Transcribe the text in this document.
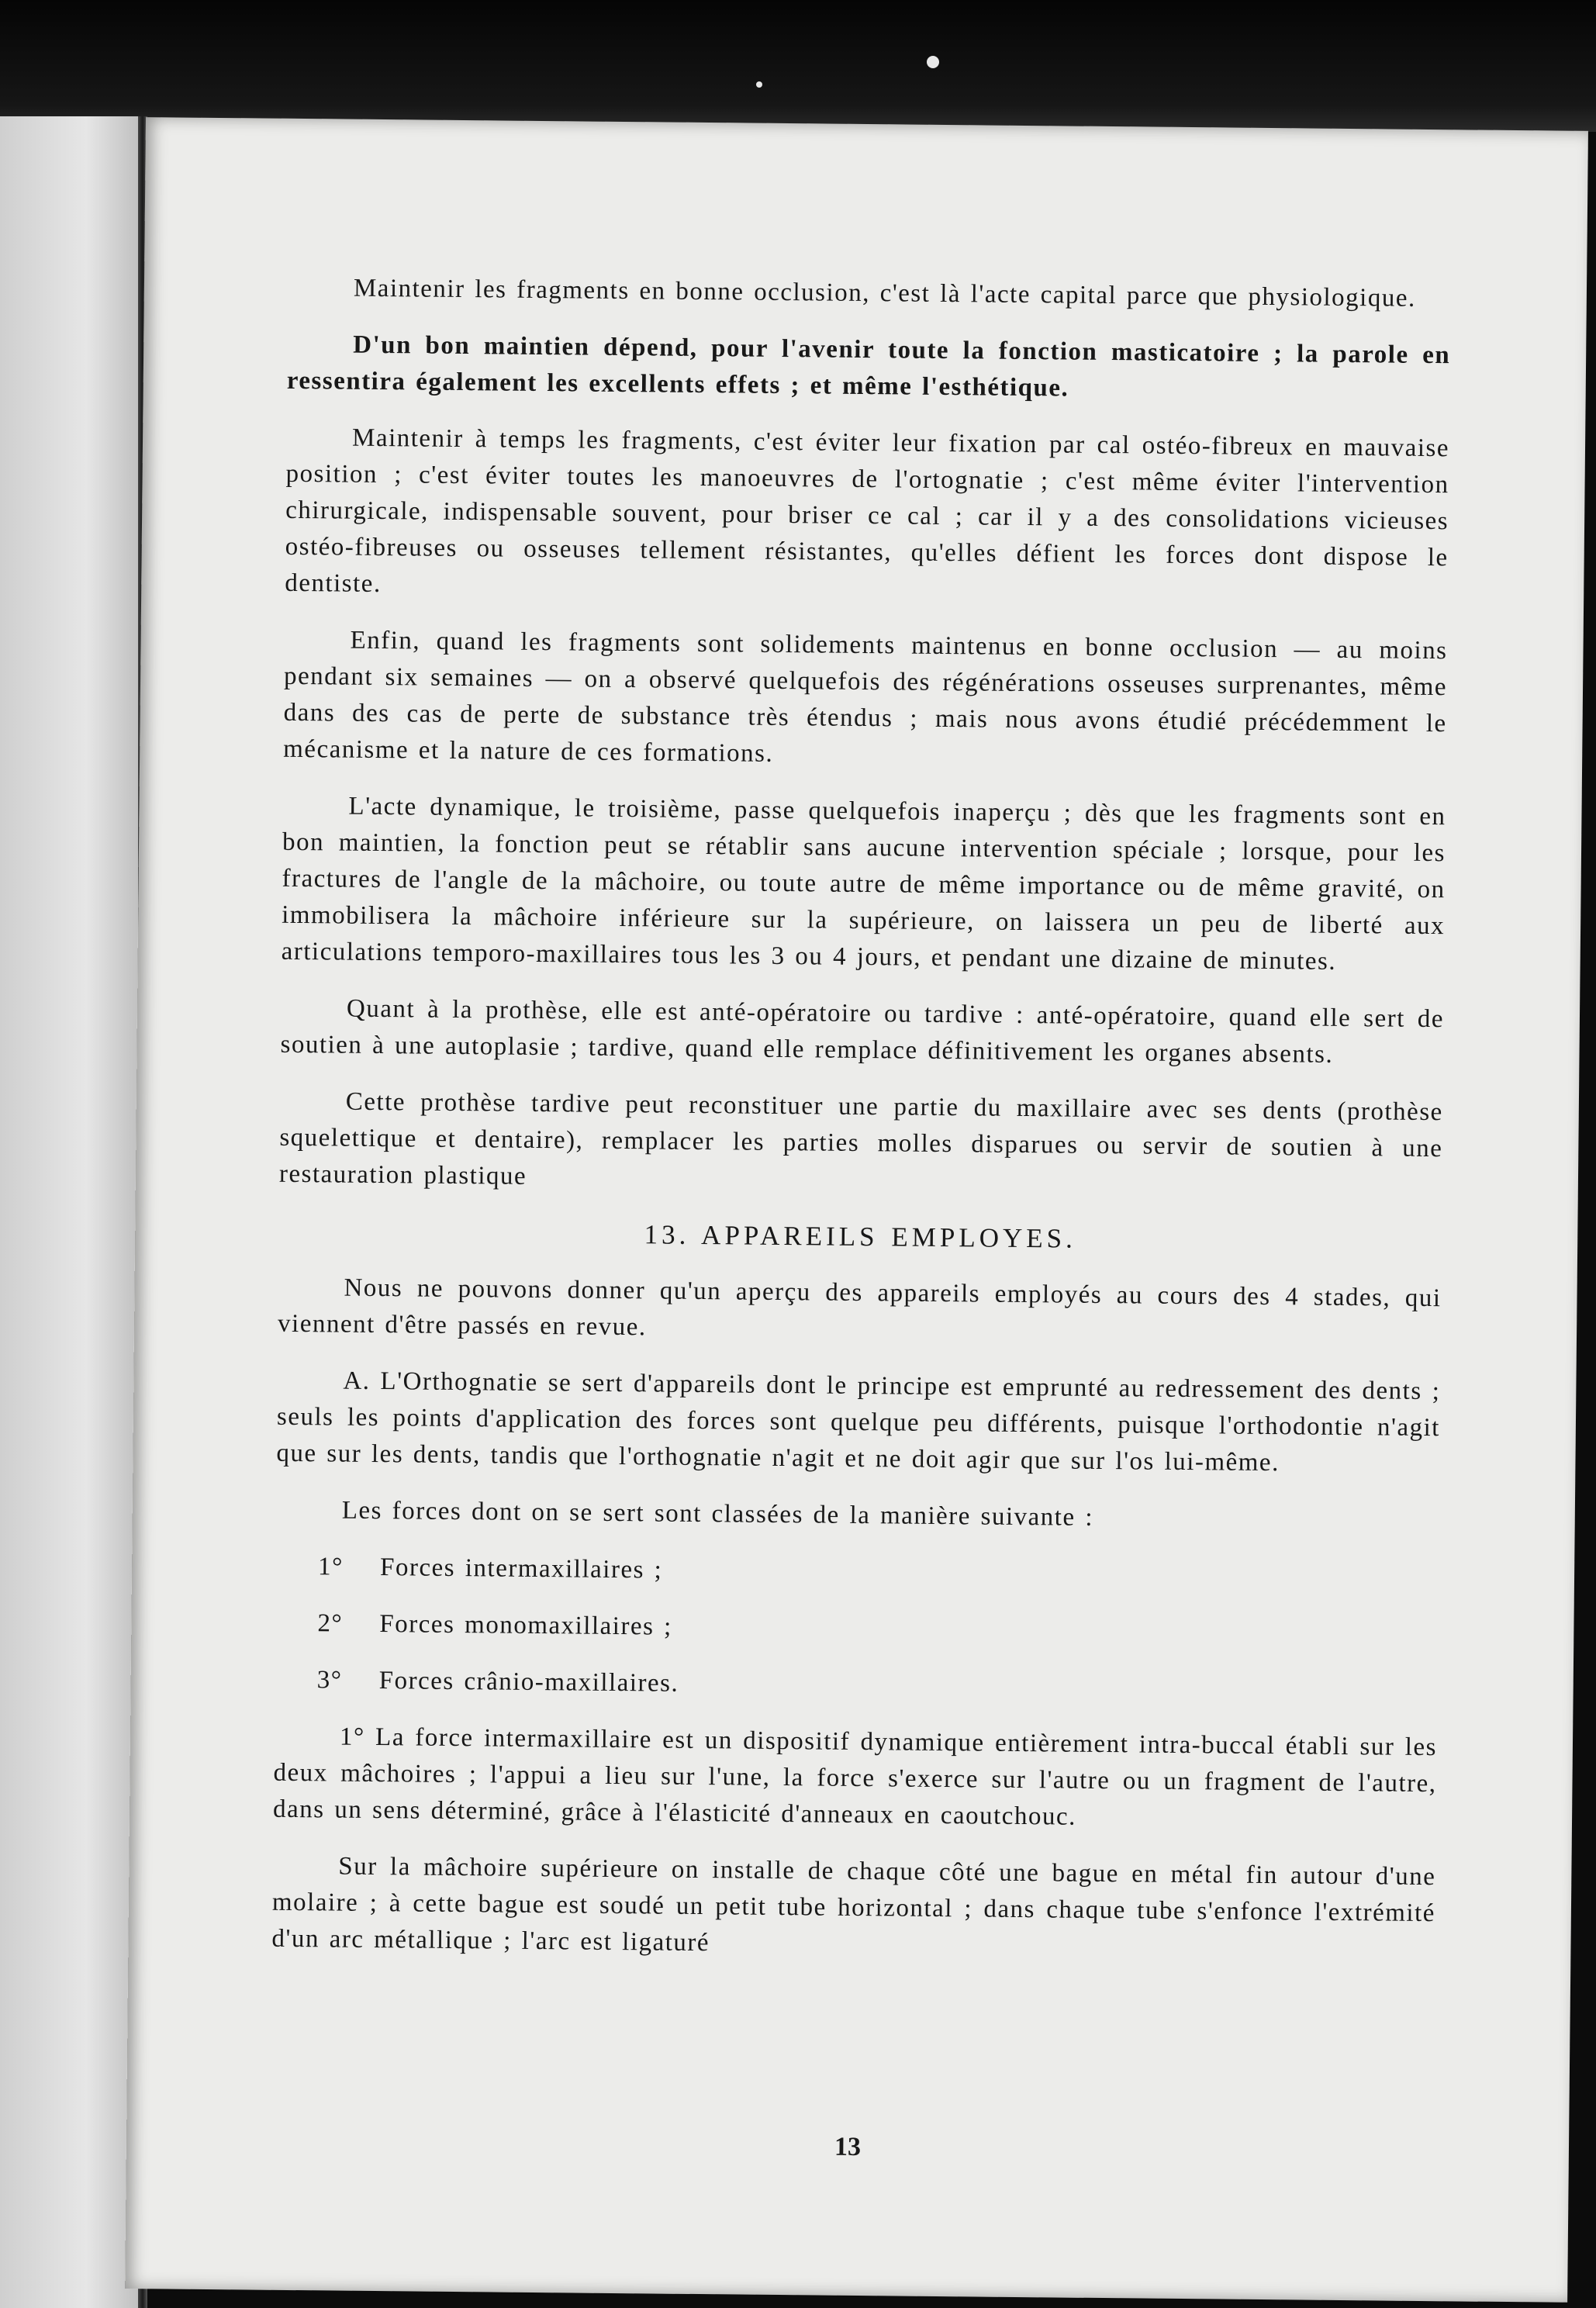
Maintenir les fragments en bonne occlusion, c'est là l'acte capital parce que physiologique.

D'un bon maintien dépend, pour l'avenir toute la fonction masticatoire ; la parole en ressentira également les excellents effets ; et même l'esthétique.

Maintenir à temps les fragments, c'est éviter leur fixation par cal ostéo-fibreux en mauvaise position ; c'est éviter toutes les manoeuvres de l'ortognatie ; c'est même éviter l'intervention chirurgicale, indispensable souvent, pour briser ce cal ; car il y a des consolidations vicieuses ostéo-fibreuses ou osseuses tellement résistantes, qu'elles défient les forces dont dispose le dentiste.

Enfin, quand les fragments sont solidements maintenus en bonne occlusion — au moins pendant six semaines — on a observé quelquefois des régénérations osseuses surprenantes, même dans des cas de perte de substance très étendus ; mais nous avons étudié précédemment le mécanisme et la nature de ces formations.

L'acte dynamique, le troisième, passe quelquefois inaperçu ; dès que les fragments sont en bon maintien, la fonction peut se rétablir sans aucune intervention spéciale ; lorsque, pour les fractures de l'angle de la mâchoire, ou toute autre de même importance ou de même gravité, on immobilisera la mâchoire inférieure sur la supérieure, on laissera un peu de liberté aux articulations temporo-maxillaires tous les 3 ou 4 jours, et pendant une dizaine de minutes.

Quant à la prothèse, elle est anté-opératoire ou tardive : anté-opératoire, quand elle sert de soutien à une autoplasie ; tardive, quand elle remplace définitivement les organes absents.

Cette prothèse tardive peut reconstituer une partie du maxillaire avec ses dents (prothèse squelettique et dentaire), remplacer les parties molles disparues ou servir de soutien à une restauration plastique

13. APPAREILS EMPLOYES.

Nous ne pouvons donner qu'un aperçu des appareils employés au cours des 4 stades, qui viennent d'être passés en revue.

A. L'Orthognatie se sert d'appareils dont le principe est emprunté au redressement des dents ; seuls les points d'application des forces sont quelque peu différents, puisque l'orthodontie n'agit que sur les dents, tandis que l'orthognatie n'agit et ne doit agir que sur l'os lui-même.

Les forces dont on se sert sont classées de la manière suivante :

1° Forces intermaxillaires ;

2° Forces monomaxillaires ;

3° Forces crânio-maxillaires.

1° La force intermaxillaire est un dispositif dynamique entièrement intra-buccal établi sur les deux mâchoires ; l'appui a lieu sur l'une, la force s'exerce sur l'autre ou un fragment de l'autre, dans un sens déterminé, grâce à l'élasticité d'anneaux en caoutchouc.

Sur la mâchoire supérieure on installe de chaque côté une bague en métal fin autour d'une molaire ; à cette bague est soudé un petit tube horizontal ; dans chaque tube s'enfonce l'extrémité d'un arc métallique ; l'arc est ligaturé

13
